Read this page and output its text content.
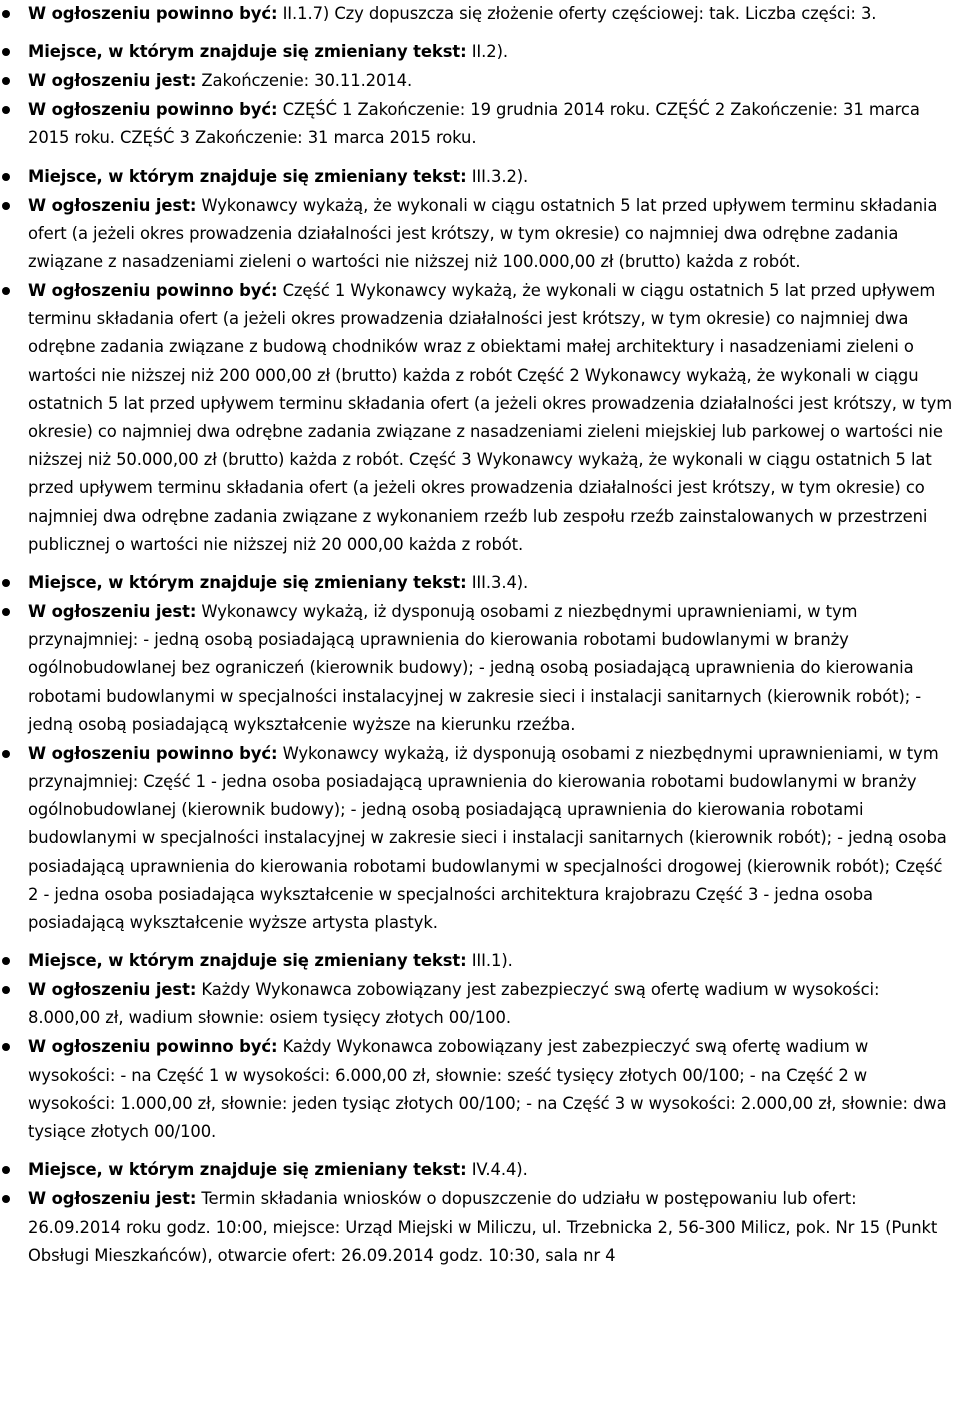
W ogłoszeniu powinno być: II.1.7) Czy dopuszcza się złożenie oferty częściowej: tak. Liczba części: 3.
Miejsce, w którym znajduje się zmieniany tekst: II.2).
W ogłoszeniu jest: Zakończenie: 30.11.2014.
W ogłoszeniu powinno być: CZĘŚĆ 1 Zakończenie: 19 grudnia 2014 roku. CZĘŚĆ 2 Zakończenie: 31 marca 2015 roku. CZĘŚĆ 3 Zakończenie: 31 marca 2015 roku.
Miejsce, w którym znajduje się zmieniany tekst: III.3.2).
W ogłoszeniu jest: Wykonawcy wykażą, że wykonali w ciągu ostatnich 5 lat przed upływem terminu składania ofert (a jeżeli okres prowadzenia działalności jest krótszy, w tym okresie) co najmniej dwa odrębne zadania związane z nasadzeniami zieleni o wartości nie niższej niż 100.000,00 zł (brutto) każda z robót.
W ogłoszeniu powinno być: Część 1 Wykonawcy wykażą, że wykonali w ciągu ostatnich 5 lat przed upływem terminu składania ofert (a jeżeli okres prowadzenia działalności jest krótszy, w tym okresie) co najmniej dwa odrębne zadania związane z budową chodników wraz z obiektami małej architektury i nasadzeniami zieleni o wartości nie niższej niż 200 000,00 zł (brutto) każda z robót Część 2 Wykonawcy wykażą, że wykonali w ciągu ostatnich 5 lat przed upływem terminu składania ofert (a jeżeli okres prowadzenia działalności jest krótszy, w tym okresie) co najmniej dwa odrębne zadania związane z nasadzeniami zieleni miejskiej lub parkowej o wartości nie niższej niż 50.000,00 zł (brutto) każda z robót. Część 3 Wykonawcy wykażą, że wykonali w ciągu ostatnich 5 lat przed upływem terminu składania ofert (a jeżeli okres prowadzenia działalności jest krótszy, w tym okresie) co najmniej dwa odrębne zadania związane z wykonaniem rzeźb lub zespołu rzeźb zainstalowanych w przestrzeni publicznej o wartości nie niższej niż 20 000,00 każda z robót.
Miejsce, w którym znajduje się zmieniany tekst: III.3.4).
W ogłoszeniu jest: Wykonawcy wykażą, iż dysponują osobami z niezbędnymi uprawnieniami, w tym przynajmniej: - jedną osobą posiadającą uprawnienia do kierowania robotami budowlanymi w branży ogólnobudowlanej bez ograniczeń (kierownik budowy); - jedną osobą posiadającą uprawnienia do kierowania robotami budowlanymi w specjalności instalacyjnej w zakresie sieci i instalacji sanitarnych (kierownik robót); - jedną osobą posiadającą wykształcenie wyższe na kierunku rzeźba.
W ogłoszeniu powinno być: Wykonawcy wykażą, iż dysponują osobami z niezbędnymi uprawnieniami, w tym przynajmniej: Część 1 - jedna osoba posiadającą uprawnienia do kierowania robotami budowlanymi w branży ogólnobudowlanej (kierownik budowy); - jedną osobą posiadającą uprawnienia do kierowania robotami budowlanymi w specjalności instalacyjnej w zakresie sieci i instalacji sanitarnych (kierownik robót); - jedną osoba posiadającą uprawnienia do kierowania robotami budowlanymi w specjalności drogowej (kierownik robót); Część 2 - jedna osoba posiadająca wykształcenie w specjalności architektura krajobrazu Część 3 - jedna osoba posiadającą wykształcenie wyższe artysta plastyk.
Miejsce, w którym znajduje się zmieniany tekst: III.1).
W ogłoszeniu jest: Każdy Wykonawca zobowiązany jest zabezpieczyć swą ofertę wadium w wysokości: 8.000,00 zł, wadium słownie: osiem tysięcy złotych 00/100.
W ogłoszeniu powinno być: Każdy Wykonawca zobowiązany jest zabezpieczyć swą ofertę wadium w wysokości: - na Część 1 w wysokości: 6.000,00 zł, słownie: sześć tysięcy złotych 00/100; - na Część 2 w wysokości: 1.000,00 zł, słownie: jeden tysiąc złotych 00/100; - na Część 3 w wysokości: 2.000,00 zł, słownie: dwa tysiące złotych 00/100.
Miejsce, w którym znajduje się zmieniany tekst: IV.4.4).
W ogłoszeniu jest: Termin składania wniosków o dopuszczenie do udziału w postępowaniu lub ofert: 26.09.2014 roku godz. 10:00, miejsce: Urząd Miejski w Miliczu, ul. Trzebnicka 2, 56-300 Milicz, pok. Nr 15 (Punkt Obsługi Mieszkańców), otwarcie ofert: 26.09.2014 godz. 10:30, sala nr 4
